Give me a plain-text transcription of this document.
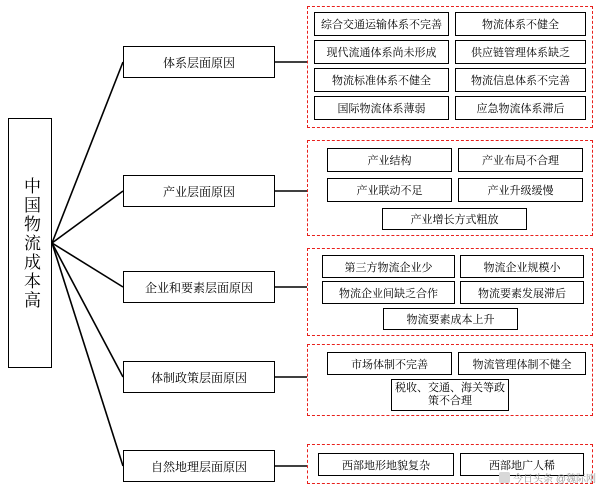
中国物流成本高
体系层面原因
产业层面原因
企业和要素层面原因
体制政策层面原因
自然地理层面原因
综合交通运输体系不完善	物流体系不健全
现代流通体系尚未形成	供应链管理体系缺乏
物流标准体系不健全	物流信息体系不完善
国际物流体系薄弱	应急物流体系滞后
产业结构	产业布局不合理
产业联动不足	产业升级缓慢
产业增长方式粗放
第三方物流企业少	物流企业规模小
物流企业间缺乏合作	物流要素发展滞后
物流要素成本上升
市场体制不完善	物流管理体制不健全
税收、交通、海关等政策不合理
西部地形地貌复杂	西部地广人稀
今日头条 @魏际刚
